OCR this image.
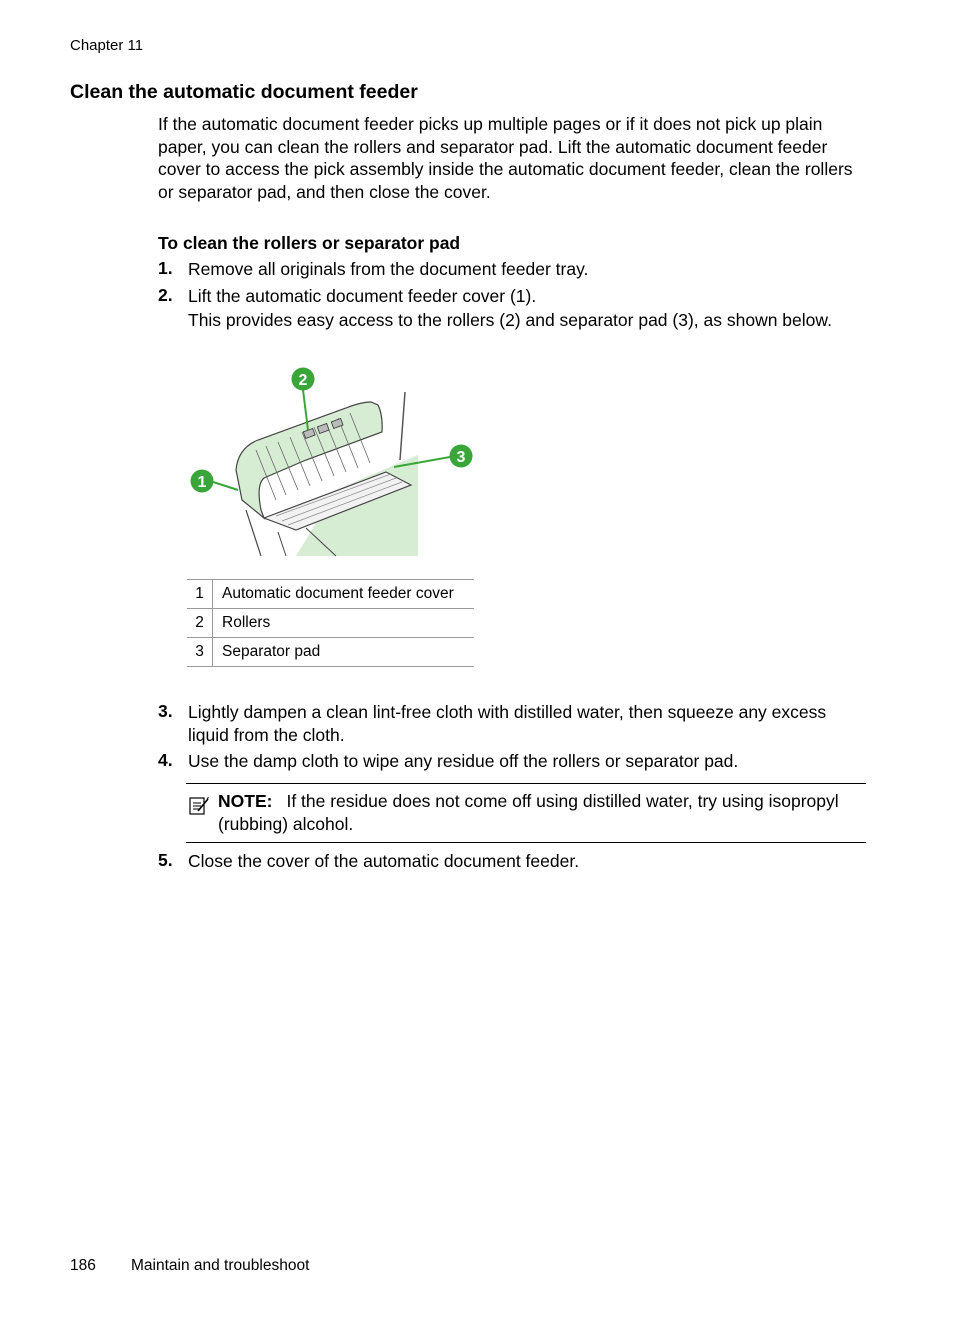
Chapter 11
Clean the automatic document feeder
If the automatic document feeder picks up multiple pages or if it does not pick up plain paper, you can clean the rollers and separator pad. Lift the automatic document feeder cover to access the pick assembly inside the automatic document feeder, clean the rollers or separator pad, and then close the cover.
To clean the rollers or separator pad
1. Remove all originals from the document feeder tray.
2. Lift the automatic document feeder cover (1).
This provides easy access to the rollers (2) and separator pad (3), as shown below.
2
1
3
1	Automatic document feeder cover
2	Rollers
3	Separator pad
3. Lightly dampen a clean lint-free cloth with distilled water, then squeeze any excess liquid from the cloth.
4. Use the damp cloth to wipe any residue off the rollers or separator pad.
NOTE: If the residue does not come off using distilled water, try using isopropyl (rubbing) alcohol.
5. Close the cover of the automatic document feeder.
186 Maintain and troubleshoot
